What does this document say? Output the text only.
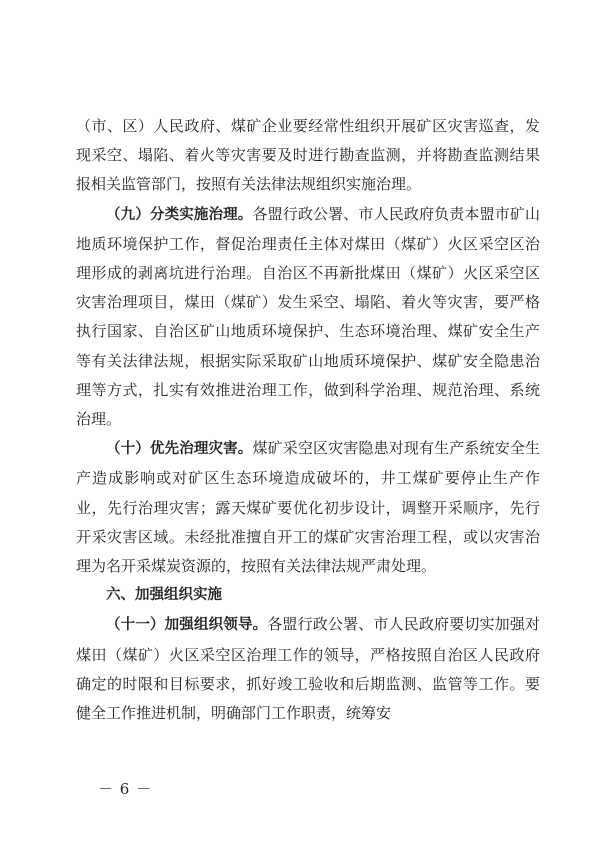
（市、区）人民政府、煤矿企业要经常性组织开展矿区灾害巡查，发现采空、塌陷、着火等灾害要及时进行勘查监测，并将勘查监测结果报相关监管部门，按照有关法律法规组织实施治理。

（九）分类实施治理。各盟行政公署、市人民政府负责本盟市矿山地质环境保护工作，督促治理责任主体对煤田（煤矿）火区采空区治理形成的剥离坑进行治理。自治区不再新批煤田（煤矿）火区采空区灾害治理项目，煤田（煤矿）发生采空、塌陷、着火等灾害，要严格执行国家、自治区矿山地质环境保护、生态环境治理、煤矿安全生产等有关法律法规，根据实际采取矿山地质环境保护、煤矿安全隐患治理等方式，扎实有效推进治理工作，做到科学治理、规范治理、系统治理。

（十）优先治理灾害。煤矿采空区灾害隐患对现有生产系统安全生产造成影响或对矿区生态环境造成破坏的，井工煤矿要停止生产作业，先行治理灾害；露天煤矿要优化初步设计，调整开采顺序，先行开采灾害区域。未经批准擅自开工的煤矿灾害治理工程，或以灾害治理为名开采煤炭资源的，按照有关法律法规严肃处理。

六、加强组织实施

（十一）加强组织领导。各盟行政公署、市人民政府要切实加强对煤田（煤矿）火区采空区治理工作的领导，严格按照自治区人民政府确定的时限和目标要求，抓好竣工验收和后期监测、监管等工作。要健全工作推进机制，明确部门工作职责，统筹安

－ 6 －
